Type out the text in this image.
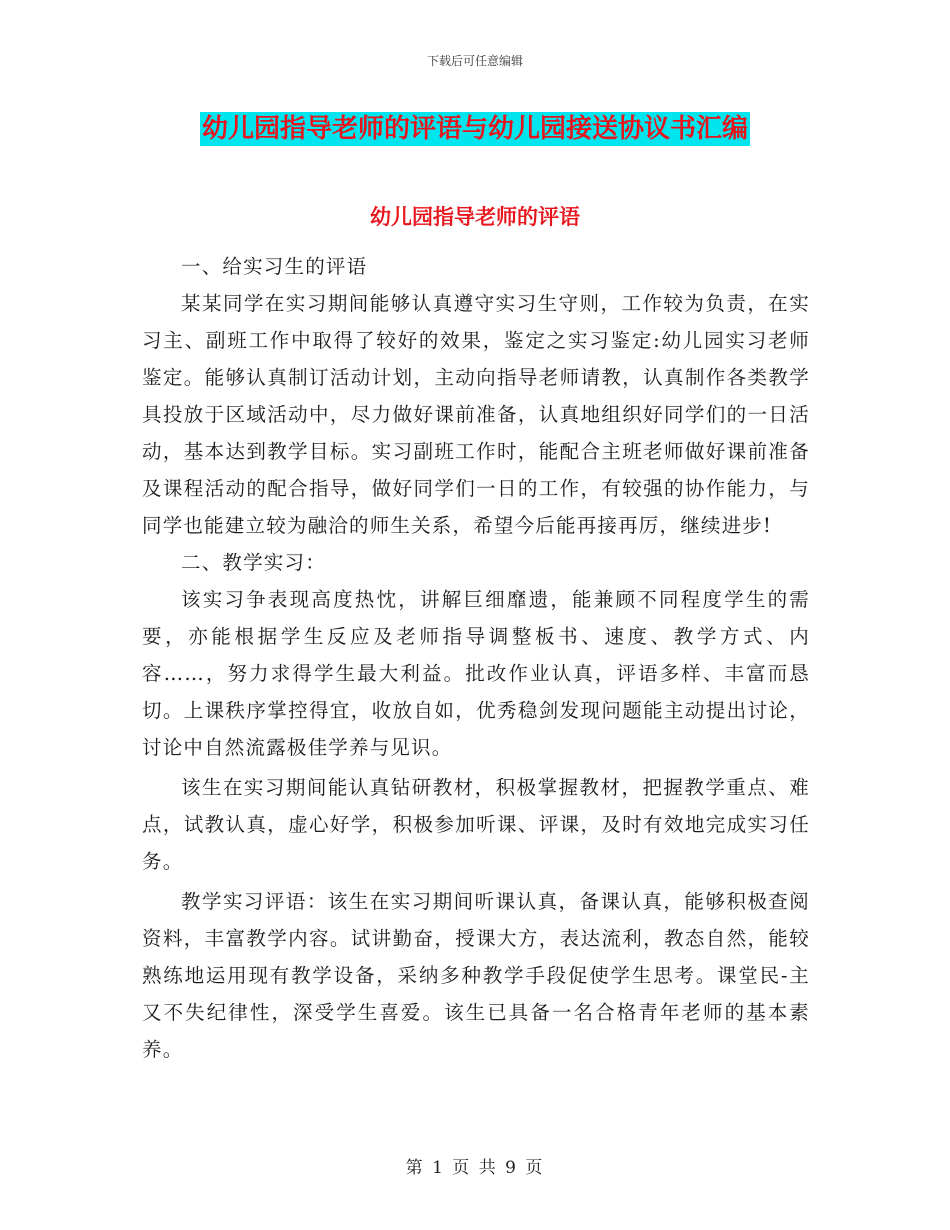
下载后可任意编辑
幼儿园指导老师的评语与幼儿园接送协议书汇编
幼儿园指导老师的评语

一、给实习生的评语

某某同学在实习期间能够认真遵守实习生守则，工作较为负责，在实习主、副班工作中取得了较好的效果，鉴定之实习鉴定:幼儿园实习老师鉴定。能够认真制订活动计划，主动向指导老师请教，认真制作各类教学具投放于区域活动中，尽力做好课前准备，认真地组织好同学们的一日活动，基本达到教学目标。实习副班工作时，能配合主班老师做好课前准备及课程活动的配合指导，做好同学们一日的工作，有较强的协作能力，与同学也能建立较为融洽的师生关系，希望今后能再接再厉，继续进步!

二、教学实习：

该实习争表现高度热忱，讲解巨细靡遗，能兼顾不同程度学生的需要，亦能根据学生反应及老师指导调整板书、速度、教学方式、内容……，努力求得学生最大利益。批改作业认真，评语多样、丰富而恳切。上课秩序掌控得宜，收放自如，优秀稳剑发现问题能主动提出讨论，讨论中自然流露极佳学养与见识。

该生在实习期间能认真钻研教材，积极掌握教材，把握教学重点、难点，试教认真，虚心好学，积极参加听课、评课，及时有效地完成实习任务。

教学实习评语：该生在实习期间听课认真，备课认真，能够积极查阅资料，丰富教学内容。试讲勤奋，授课大方，表达流利，教态自然，能较熟练地运用现有教学设备，采纳多种教学手段促使学生思考。课堂民-主又不失纪律性，深受学生喜爱。该生已具备一名合格青年老师的基本素养。

第 1 页 共 9 页
